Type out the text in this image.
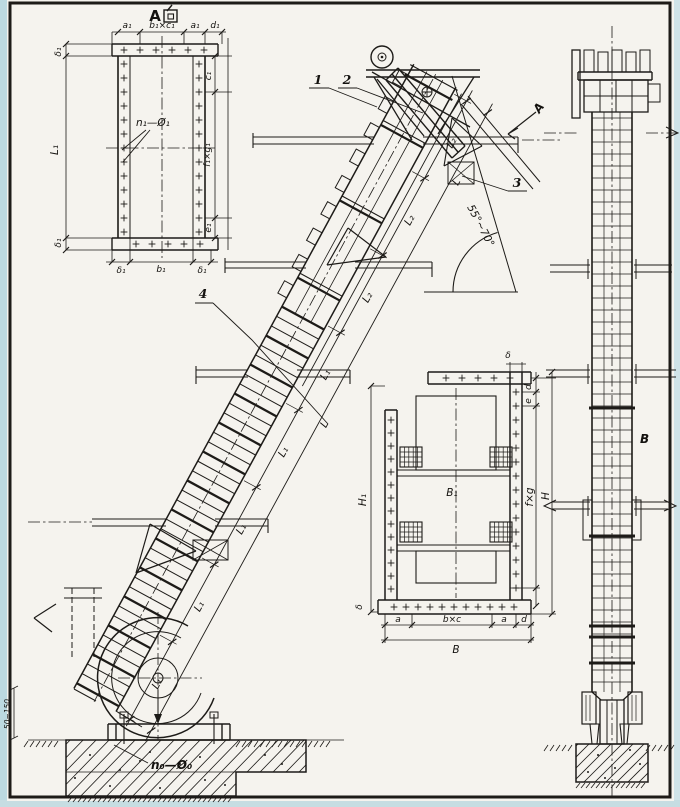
A
a₁ b₁×c₁ a₁ d₁
δ₁
L₁
δ₁
c₁
f₁×g₁
e₁
δ₁	b₁	δ₁
n₁—Ø₁
L₁
L₁
L₁
L₁
L₁
L₂
L₂
L₂
L
L
55°~70°
A
1 2
3
4
n₀—Ø₀
50~150
B₁
δ
d
e
f×g H
H₁
δ
a	b×c	a d
B
B
